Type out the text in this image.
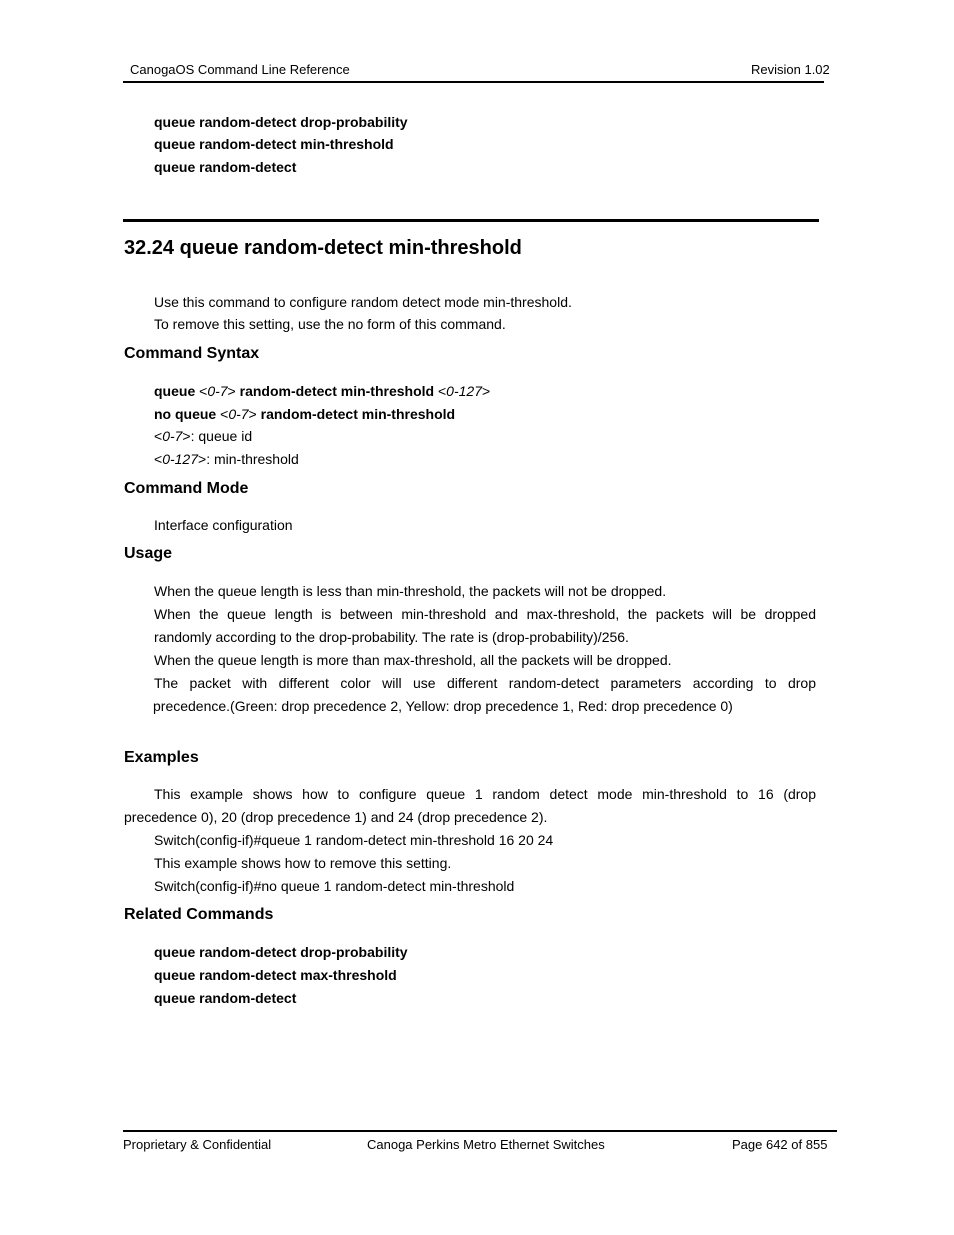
CanogaOS Command Line Reference	Revision 1.02
queue random-detect drop-probability
queue random-detect min-threshold
queue random-detect
32.24 queue random-detect min-threshold
Use this command to configure random detect mode min-threshold.
To remove this setting, use the no form of this command.
Command Syntax
queue <0-7> random-detect min-threshold <0-127>
no queue <0-7> random-detect min-threshold
<0-7>: queue id
<0-127>: min-threshold
Command Mode
Interface configuration
Usage
When the queue length is less than min-threshold, the packets will not be dropped.
When the queue length is between min-threshold and max-threshold, the packets will be dropped
randomly according to the drop-probability. The rate is (drop-probability)/256.
When the queue length is more than max-threshold, all the packets will be dropped.
The packet with different color will use different random-detect parameters according to drop
precedence.(Green: drop precedence 2, Yellow: drop precedence 1, Red: drop precedence 0)
Examples
This example shows how to configure queue 1 random detect mode min-threshold to 16 (drop
precedence 0), 20 (drop precedence 1) and 24 (drop precedence 2).
Switch(config-if)#queue 1 random-detect min-threshold 16 20 24
This example shows how to remove this setting.
Switch(config-if)#no queue 1 random-detect min-threshold
Related Commands
queue random-detect drop-probability
queue random-detect max-threshold
queue random-detect
Proprietary & Confidential	Canoga Perkins Metro Ethernet Switches	Page 642 of 855
